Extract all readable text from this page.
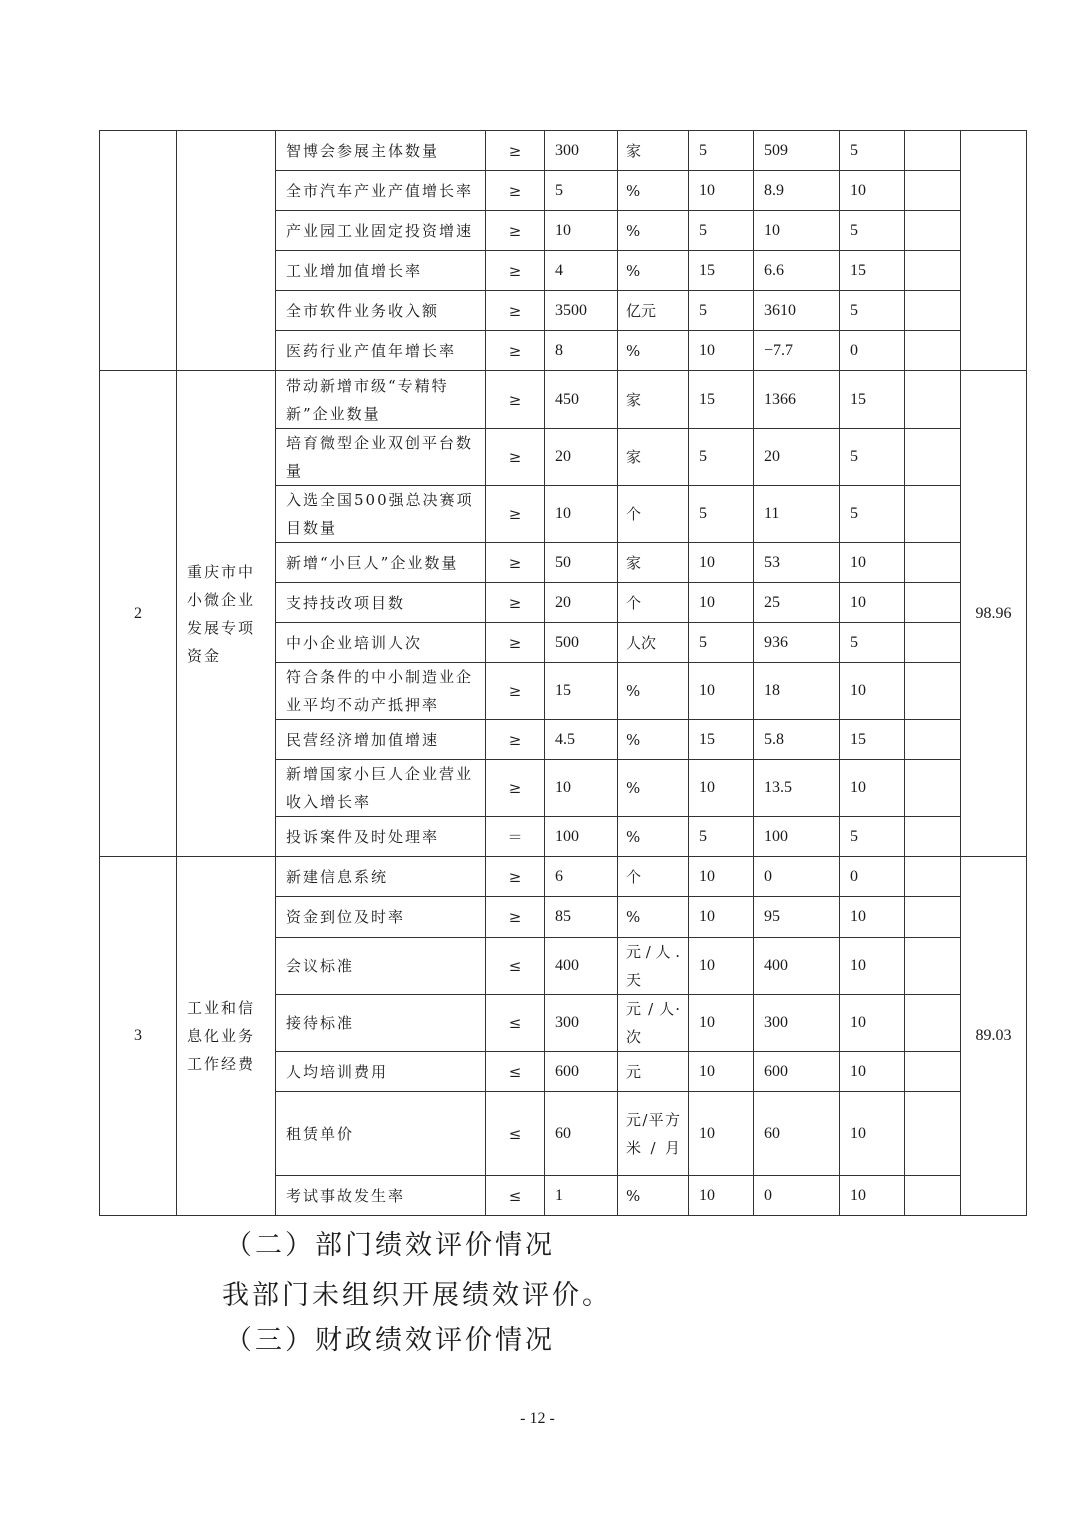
		智博会参展主体数量	≥	300	家	5	509	5		
		全市汽车产业产值增长率	≥	5	%	10	8.9	10		
		产业园工业固定投资增速	≥	10	%	5	10	5		
		工业增加值增长率	≥	4	%	15	6.6	15		
		全市软件业务收入额	≥	3500	亿元	5	3610	5		
		医药行业产值年增长率	≥	8	%	10	−7.7	0		
2	重庆市中小微企业发展专项资金	带动新增市级“专精特新”企业数量	≥	450	家	15	1366	15		98.96
		培育微型企业双创平台数量	≥	20	家	5	20	5		
		入选全国500强总决赛项目数量	≥	10	个	5	11	5		
		新增“小巨人”企业数量	≥	50	家	10	53	10		
		支持技改项目数	≥	20	个	10	25	10		
		中小企业培训人次	≥	500	人次	5	936	5		
		符合条件的中小制造业企业平均不动产抵押率	≥	15	%	10	18	10		
		民营经济增加值增速	≥	4.5	%	15	5.8	15		
		新增国家小巨人企业营业收入增长率	≥	10	%	10	13.5	10		
		投诉案件及时处理率	＝	100	%	5	100	5		
3	工业和信息化业务工作经费	新建信息系统	≥	6	个	10	0	0		89.03
		资金到位及时率	≥	85	%	10	95	10		
		会议标准	≤	400	元/人.天	10	400	10		
		接待标准	≤	300	元 / 人·次	10	300	10		
		人均培训费用	≤	600	元	10	600	10		
		租赁单价	≤	60	元/平方米/月	10	60	10		
		考试事故发生率	≤	1	%	10	0	10		
（二）部门绩效评价情况
我部门未组织开展绩效评价。
（三）财政绩效评价情况
- 12 -
